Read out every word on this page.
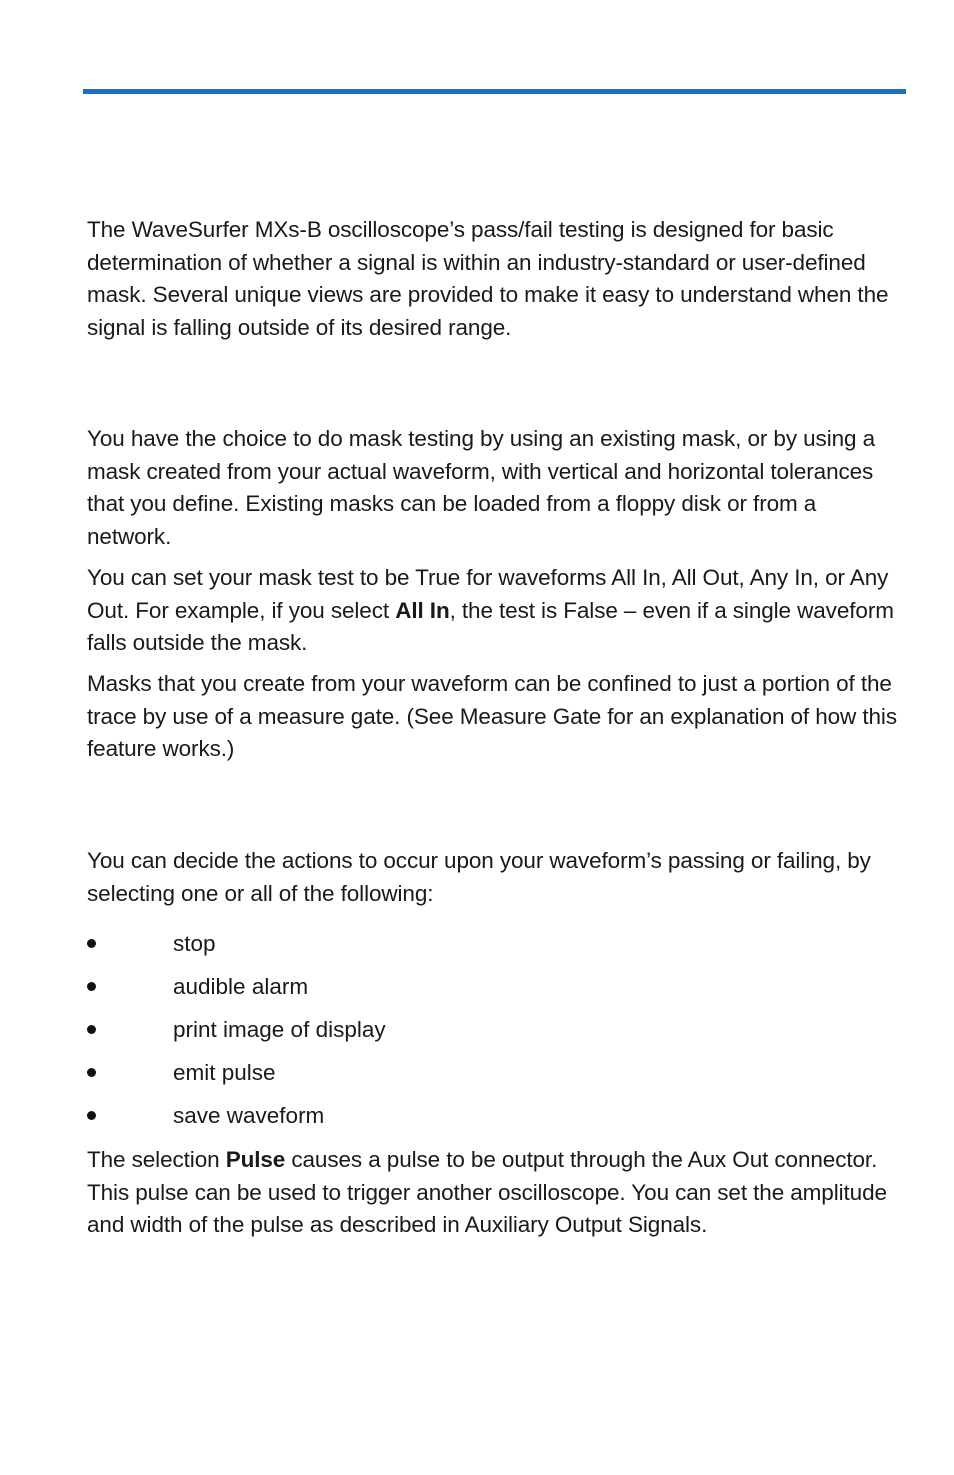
The WaveSurfer MXs-B oscilloscope’s pass/fail testing is designed for basic determination of whether a signal is within an industry-standard or user-defined mask. Several unique views are provided to make it easy to understand when the signal is falling outside of its desired range.

You have the choice to do mask testing by using an existing mask, or by using a mask created from your actual waveform, with vertical and horizontal tolerances that you define. Existing masks can be loaded from a floppy disk or from a network.

You can set your mask test to be True for waveforms All In, All Out, Any In, or Any Out. For example, if you select All In, the test is False – even if a single waveform falls outside the mask.

Masks that you create from your waveform can be confined to just a portion of the trace by use of a measure gate. (See Measure Gate for an explanation of how this feature works.)

You can decide the actions to occur upon your waveform’s passing or failing, by selecting one or all of the following:

stop
audible alarm
print image of display
emit pulse
save waveform

The selection Pulse causes a pulse to be output through the Aux Out connector. This pulse can be used to trigger another oscilloscope. You can set the amplitude and width of the pulse as described in Auxiliary Output Signals.
